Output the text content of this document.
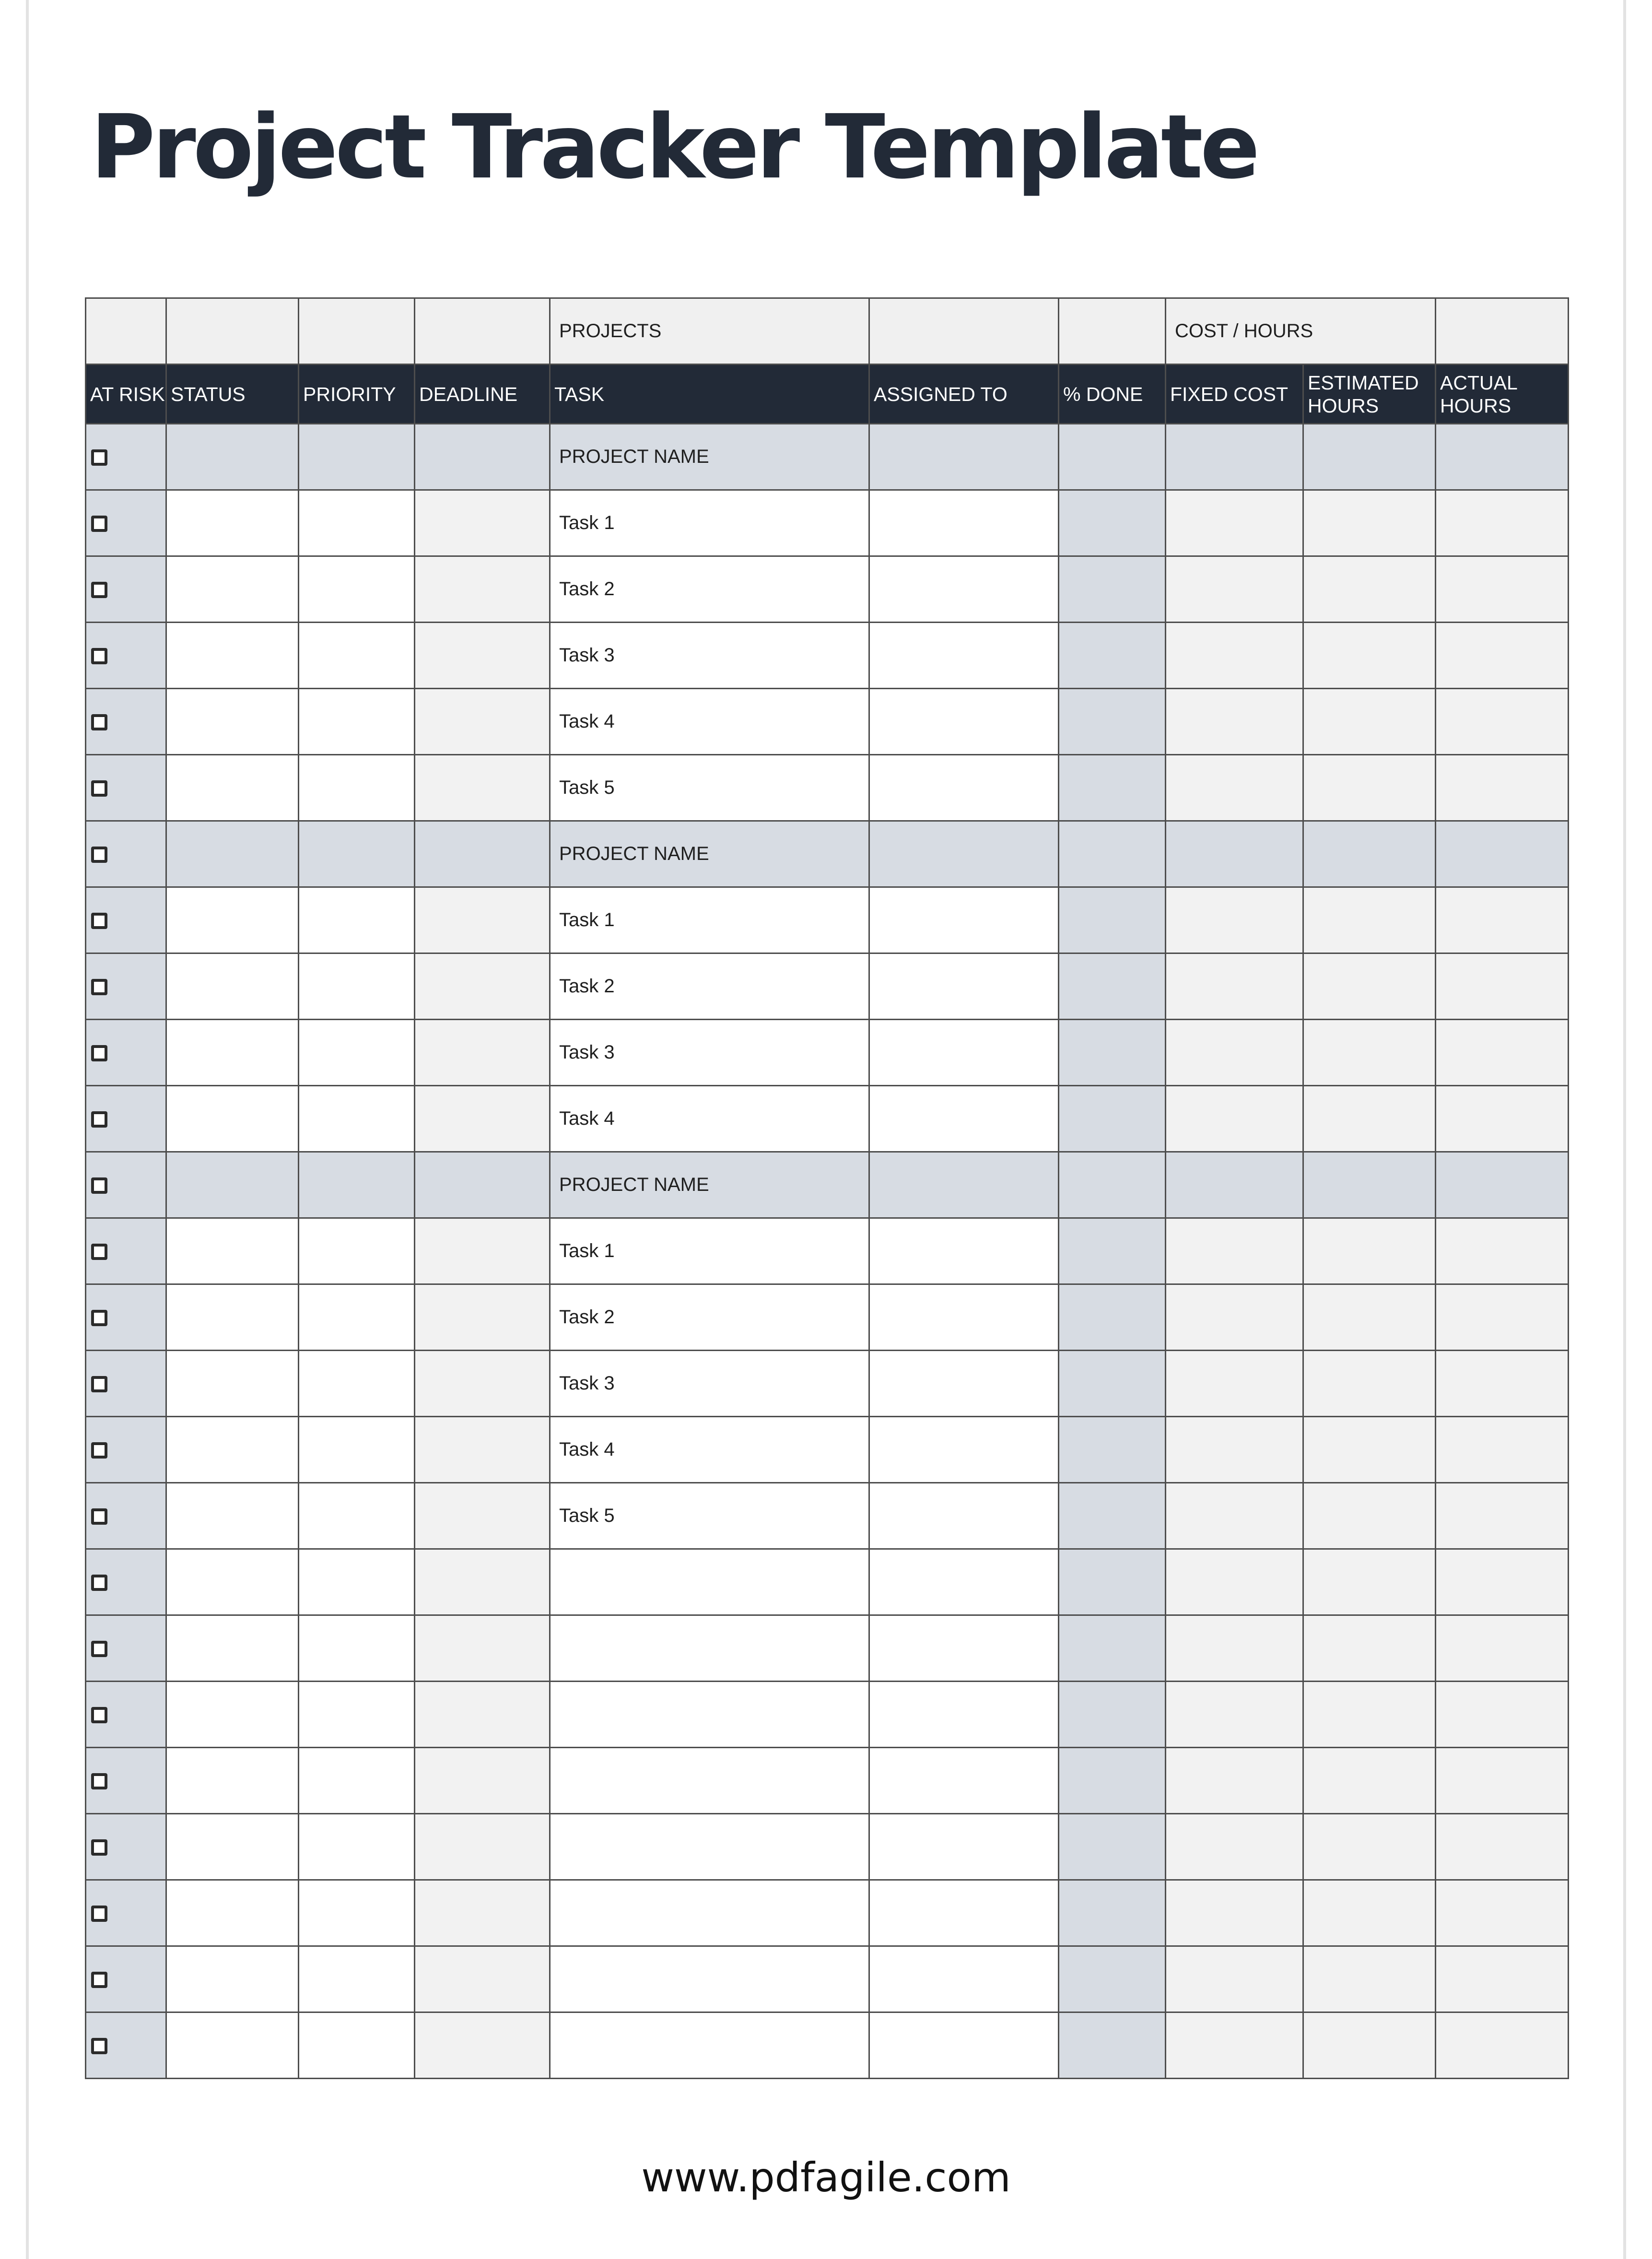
Project Tracker Template
				PROJECTS			COST / HOURS		
AT RISK	STATUS	PRIORITY	DEADLINE	TASK	ASSIGNED TO	% DONE	FIXED COST	ESTIMATED HOURS	ACTUAL HOURS
				PROJECT NAME					
				Task 1					
				Task 2					
				Task 3					
				Task 4					
				Task 5					
				PROJECT NAME					
				Task 1					
				Task 2					
				Task 3					
				Task 4					
				PROJECT NAME					
				Task 1					
				Task 2					
				Task 3					
				Task 4					
				Task 5					

www.pdfagile.com
